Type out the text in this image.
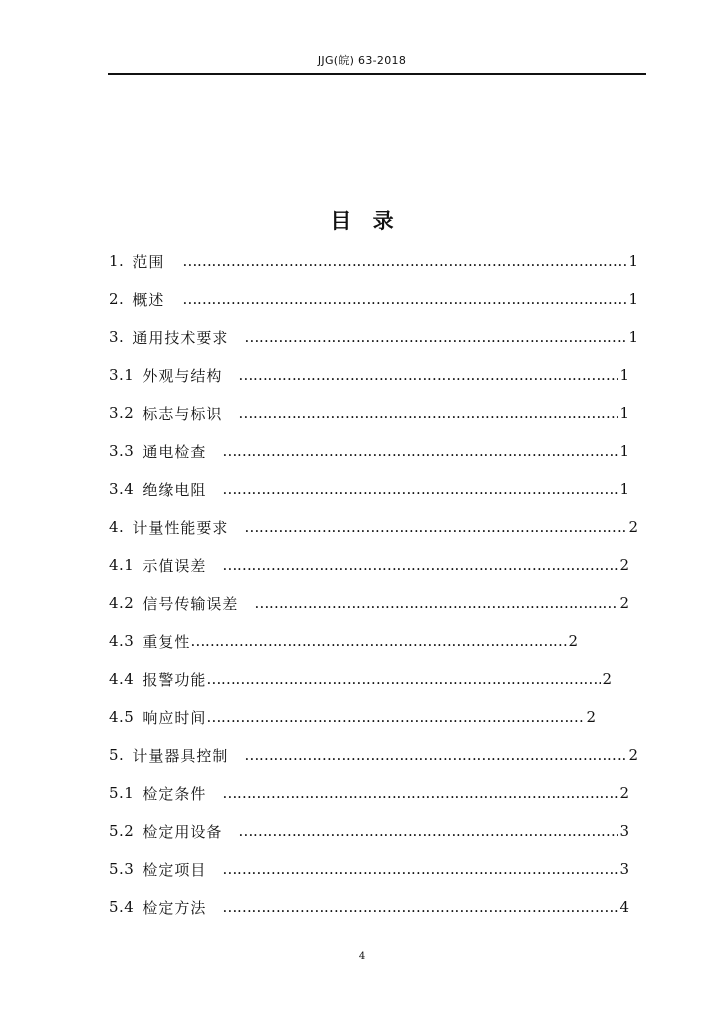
JJG(皖) 63-2018
目 录
1. 范围 …………………………………………………………………………………………………………………………………………………………………………………………………………	1
2. 概述 …………………………………………………………………………………………………………………………………………………………………………………………………………	1
3. 通用技术要求 …………………………………………………………………………………………………………………………………………………………………………………………………………	1
3.1 外观与结构 …………………………………………………………………………………………………………………………………………………………………………………………………………	1
3.2 标志与标识 …………………………………………………………………………………………………………………………………………………………………………………………………………	1
3.3 通电检查 …………………………………………………………………………………………………………………………………………………………………………………………………………	1
3.4 绝缘电阻 …………………………………………………………………………………………………………………………………………………………………………………………………………	1
4. 计量性能要求 …………………………………………………………………………………………………………………………………………………………………………………………………………	2
4.1 示值误差 …………………………………………………………………………………………………………………………………………………………………………………………………………	2
4.2 信号传输误差 …………………………………………………………………………………………………………………………………………………………………………………………………………	2
4.3 重复性 …………………………………………………………………………………………………………………………………………………………………………………………………………	2
4.4 报警功能 …………………………………………………………………………………………………………………………………………………………………………………………………………	2
4.5 响应时间 …………………………………………………………………………………………………………………………………………………………………………………………………………	2
5. 计量器具控制 …………………………………………………………………………………………………………………………………………………………………………………………………………	2
5.1 检定条件 …………………………………………………………………………………………………………………………………………………………………………………………………………	2
5.2 检定用设备 …………………………………………………………………………………………………………………………………………………………………………………………………………	3
5.3 检定项目 …………………………………………………………………………………………………………………………………………………………………………………………………………	3
5.4 检定方法 …………………………………………………………………………………………………………………………………………………………………………………………………………	4
4
